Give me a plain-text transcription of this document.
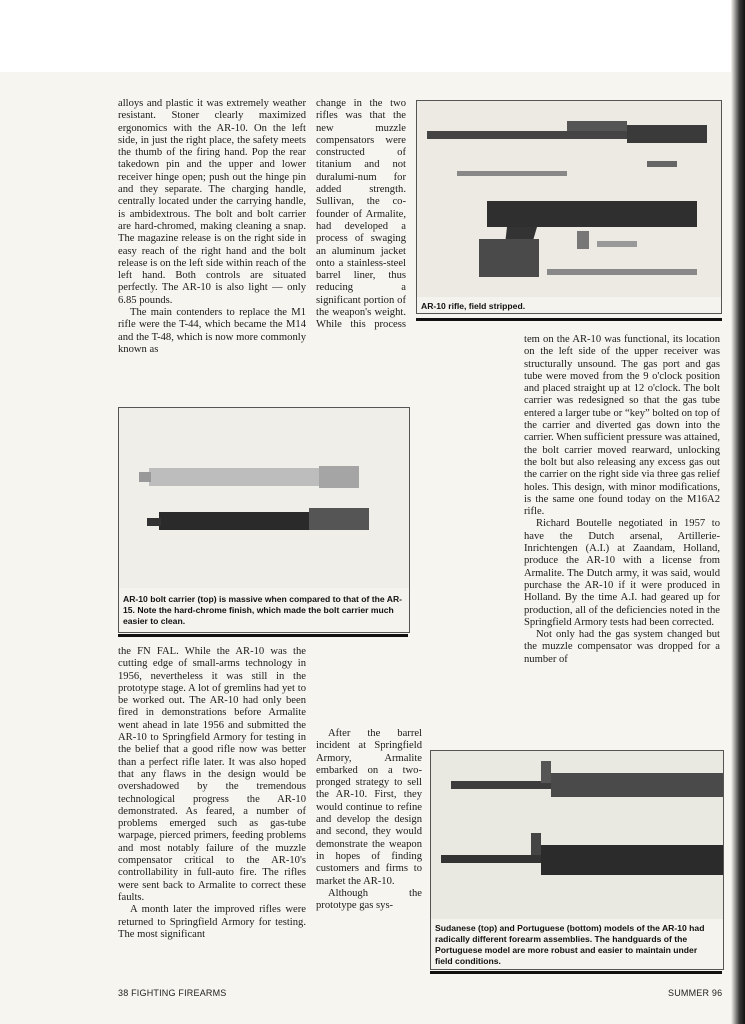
alloys and plastic it was extremely weather resistant. Stoner clearly maximized ergonomics with the AR-10. On the left side, in just the right place, the safety meets the thumb of the firing hand. Pop the rear takedown pin and the upper and lower receiver hinge open; push out the hinge pin and they separate. The charging handle, centrally located under the carrying handle, is ambidextrous. The bolt and bolt carrier are hard-chromed, making cleaning a snap. The magazine release is on the right side in easy reach of the right hand and the bolt release is on the left side within reach of the left hand. Both controls are situated perfectly. The AR-10 is also light — only 6.85 pounds.

The main contenders to replace the M1 rifle were the T-44, which became the M14 and the T-48, which is now more commonly known as

change in the two rifles was that the new muzzle compensators were constructed of titanium and not duralumi-num for added strength. Sullivan, the co-founder of Armalite, had developed a process of swaging an aluminum jacket onto a stainless-steel barrel liner, thus reducing a significant portion of the weapon's weight. While this process

AR-10 rifle, field stripped.
AR-10 bolt carrier (top) is massive when compared to that of the AR-15. Note the hard-chrome finish, which made the bolt carrier much easier to clean.

the FN FAL. While the AR-10 was the cutting edge of small-arms technology in 1956, nevertheless it was still in the prototype stage. A lot of gremlins had yet to be worked out. The AR-10 had only been fired in demonstrations before Armalite went ahead in late 1956 and submitted the AR-10 to Springfield Armory for testing in the belief that a good rifle now was better than a perfect rifle later. It was also hoped that any flaws in the design would be overshadowed by the tremendous technological progress the AR-10 demonstrated. As feared, a number of problems emerged such as gas-tube warpage, pierced primers, feeding problems and most notably failure of the muzzle compensator critical to the AR-10's controllability in full-auto fire. The rifles were sent back to Armalite to correct these faults.

A month later the improved rifles were returned to Springfield Armory for testing. The most significant

After the barrel incident at Springfield Armory, Armalite embarked on a two-pronged strategy to sell the AR-10. First, they would continue to refine and develop the design and second, they would demonstrate the weapon in hopes of finding customers and firms to market the AR-10.

Although the prototype gas sys-

tem on the AR-10 was functional, its location on the left side of the upper receiver was structurally unsound. The gas port and gas tube were moved from the 9 o'clock position and placed straight up at 12 o'clock. The bolt carrier was redesigned so that the gas tube entered a larger tube or “key” bolted on top of the carrier and diverted gas down into the carrier. When sufficient pressure was attained, the bolt carrier moved rearward, unlocking the bolt but also releasing any excess gas out the carrier on the right side via three gas relief holes. This design, with minor modifications, is the same one found today on the M16A2 rifle.

Richard Boutelle negotiated in 1957 to have the Dutch arsenal, Artillerie-Inrichtengen (A.I.) at Zaandam, Holland, produce the AR-10 with a license from Armalite. The Dutch army, it was said, would purchase the AR-10 if it were produced in Holland. By the time A.I. had geared up for production, all of the deficiencies noted in the Springfield Armory tests had been corrected.

Not only had the gas system changed but the muzzle compensator was dropped for a number of

Sudanese (top) and Portuguese (bottom) models of the AR-10 had radically different forearm assemblies. The handguards of the Portuguese model are more robust and easier to maintain under field conditions.
38 FIGHTING FIREARMS	SUMMER 96
